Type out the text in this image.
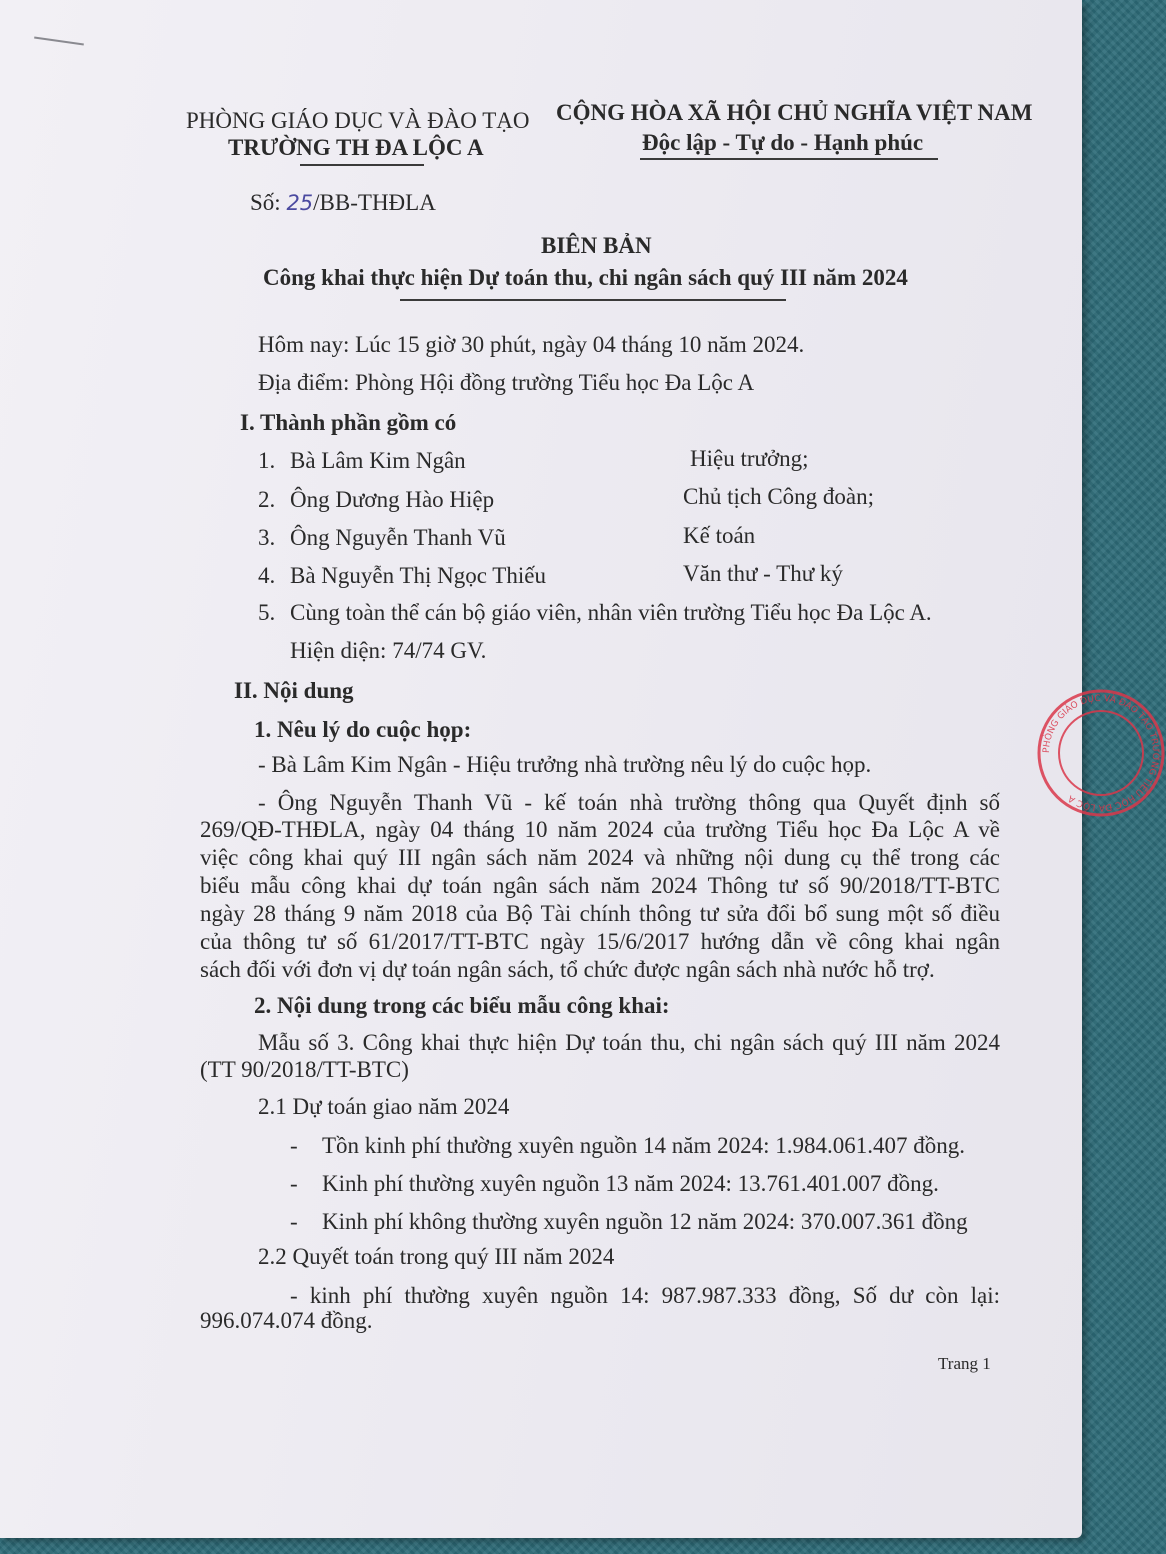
PHÒNG GIÁO DỤC VÀ ĐÀO TẠO
TRƯỜNG TH ĐA LỘC A
CỘNG HÒA XÃ HỘI CHỦ NGHĨA VIỆT NAM
Độc lập - Tự do - Hạnh phúc
Số: 25/BB-THĐLA
BIÊN BẢN
Công khai thực hiện Dự toán thu, chi ngân sách quý III năm 2024
Hôm nay: Lúc 15 giờ 30 phút, ngày 04 tháng 10 năm 2024.
Địa điểm: Phòng Hội đồng trường Tiểu học Đa Lộc A
I. Thành phần gồm có
1. Bà Lâm Kim Ngân	Hiệu trưởng;
2. Ông Dương Hào Hiệp	Chủ tịch Công đoàn;
3. Ông Nguyễn Thanh Vũ	Kế toán
4. Bà Nguyễn Thị Ngọc Thiếu	Văn thư - Thư ký
5. Cùng toàn thể cán bộ giáo viên, nhân viên trường Tiểu học Đa Lộc A.
Hiện diện: 74/74 GV.
II. Nội dung
1. Nêu lý do cuộc họp:
- Bà Lâm Kim Ngân - Hiệu trưởng nhà trường nêu lý do cuộc họp.
- Ông Nguyễn Thanh Vũ - kế toán nhà trường thông qua Quyết định số
269/QĐ-THĐLA, ngày 04 tháng 10 năm 2024 của trường Tiểu học Đa Lộc A về
việc công khai quý III ngân sách năm 2024 và những nội dung cụ thể trong các
biểu mẫu công khai dự toán ngân sách năm 2024 Thông tư số 90/2018/TT-BTC
ngày 28 tháng 9 năm 2018 của Bộ Tài chính thông tư sửa đổi bổ sung một số điều
của thông tư số 61/2017/TT-BTC ngày 15/6/2017 hướng dẫn về công khai ngân
sách đối với đơn vị dự toán ngân sách, tổ chức được ngân sách nhà nước hỗ trợ.
2. Nội dung trong các biểu mẫu công khai:
Mẫu số 3. Công khai thực hiện Dự toán thu, chi ngân sách quý III năm 2024
(TT 90/2018/TT-BTC)
2.1 Dự toán giao năm 2024
- Tồn kinh phí thường xuyên nguồn 14 năm 2024: 1.984.061.407 đồng.
- Kinh phí thường xuyên nguồn 13 năm 2024: 13.761.401.007 đồng.
- Kinh phí không thường xuyên nguồn 12 năm 2024: 370.007.361 đồng
2.2 Quyết toán trong quý III năm 2024
- kinh phí thường xuyên nguồn 14: 987.987.333 đồng, Số dư còn lại:
996.074.074 đồng.
Trang 1
PHÒNG GIÁO DỤC VÀ ĐÀO TẠO TRƯỜNG TIỂU HỌC ĐA LỘC A
